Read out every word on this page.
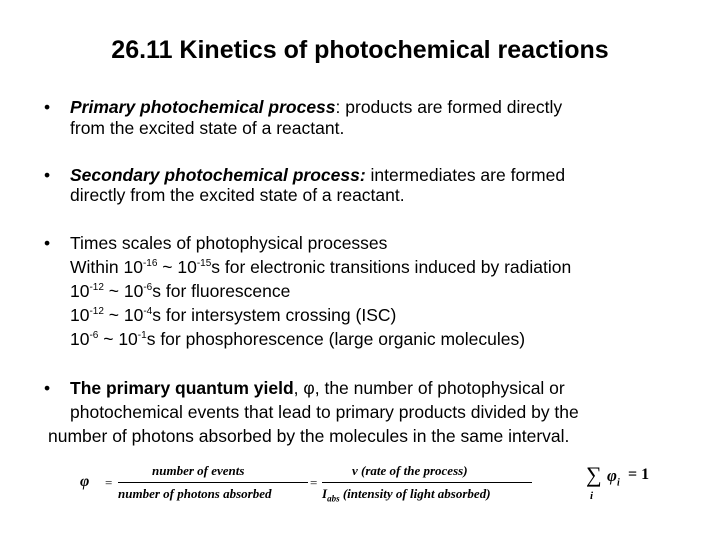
26.11 Kinetics of photochemical reactions
• Primary photochemical process: products are formed directly
from the excited state of a reactant.
• Secondary photochemical process: intermediates are formed
directly from the excited state of a reactant.
• Times scales of photophysical processes
Within $10^{-16}$ ~ $10^{-15}s$ for electronic transitions induced by radiation
$10^{-12}$ ~ $10^{-6}s$ for fluorescence
$10^{-12}$ ~ $10^{-4}s$ for intersystem crossing (ISC)
$10^{-6}$ ~ $10^{-1}s$ for phosphorescence (large organic molecules)
• The primary quantum yield, φ, the number of photophysical or
photochemical events that lead to primary products divided by the
number of photons absorbed by the molecules in the same interval.
φ =
number of events
number of photons absorbed
=
v (rate of the process)
$I_{abs}$ (intensity of light absorbed)
∑
i
$\varphi_i = 1$
